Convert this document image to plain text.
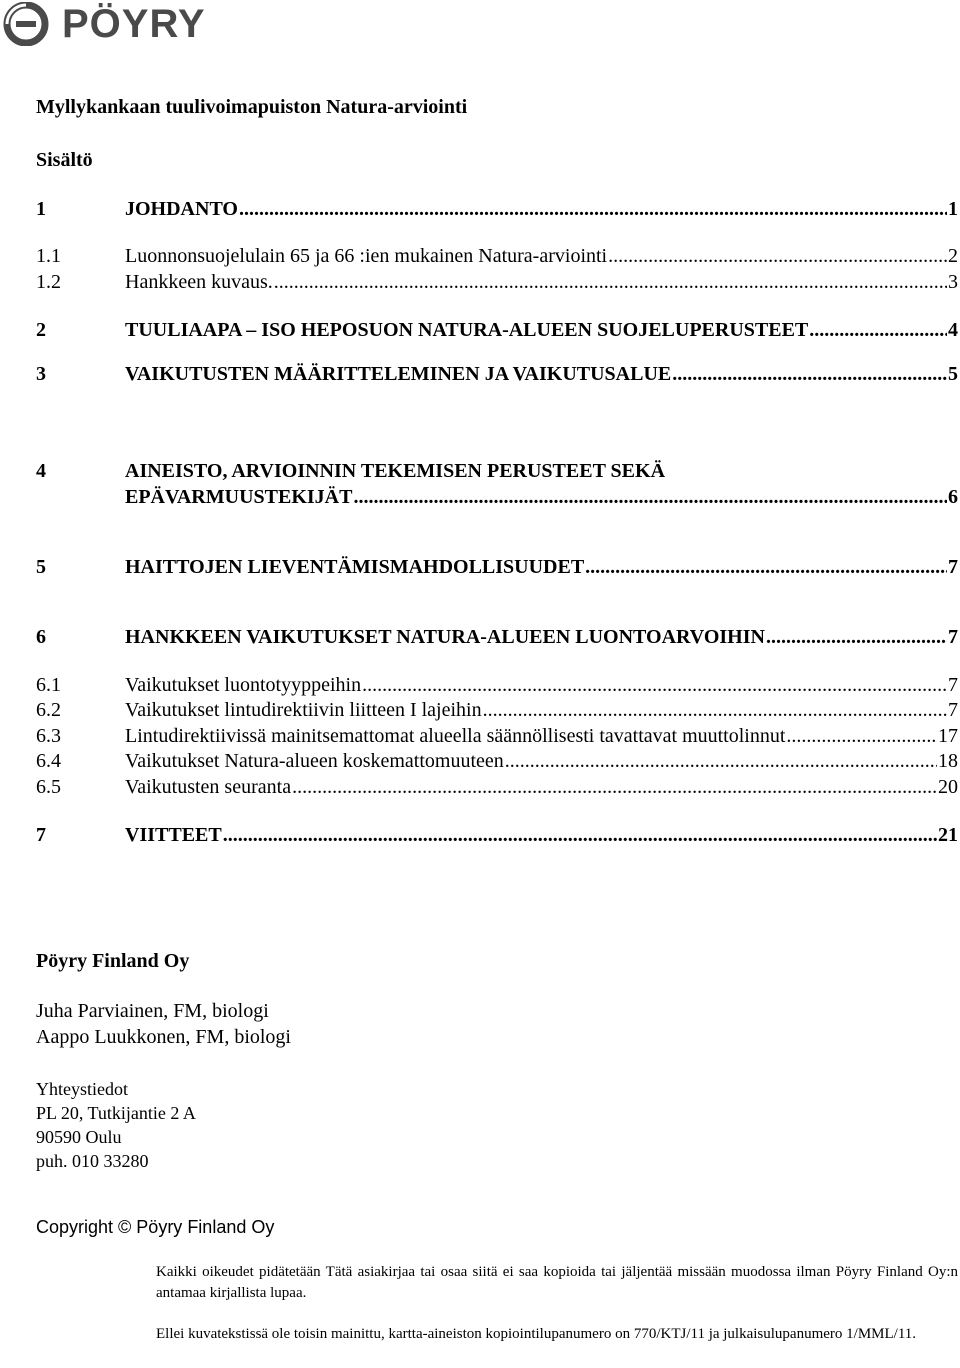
PÖYRY
Myllykankaan tuulivoimapuiston Natura-arviointi
Sisältö
1	JOHDANTO .....	1
1.1	Luonnonsuojelulain 65 ja 66 :ien mukainen Natura-arviointi .....	2
1.2	Hankkeen kuvaus. .....	3
2	TUULIAAPA – ISO HEPOSUON NATURA-ALUEEN SUOJELUPERUSTEET .....	4
3	VAIKUTUSTEN MÄÄRITTELEMINEN JA VAIKUTUSALUE .....	5
4	AINEISTO, ARVIOINNIN TEKEMISEN PERUSTEET SEKÄ
EPÄVARMUUSTEKIJÄT .....	6
5	HAITTOJEN LIEVENTÄMISMAHDOLLISUUDET .....	7
6	HANKKEEN VAIKUTUKSET NATURA-ALUEEN LUONTOARVOIHIN .....	7
6.1	Vaikutukset luontotyyppeihin .....	7
6.2	Vaikutukset lintudirektiivin liitteen I lajeihin .....	7
6.3	Lintudirektiivissä mainitsemattomat alueella säännöllisesti tavattavat muuttolinnut .....	17
6.4	Vaikutukset Natura-alueen koskemattomuuteen .....	18
6.5	Vaikutusten seuranta .....	20
7	VIITTEET .....	21
Pöyry Finland Oy
Juha Parviainen, FM, biologi
Aappo Luukkonen, FM, biologi
Yhteystiedot
PL 20, Tutkijantie 2 A
90590 Oulu
puh. 010 33280
Copyright © Pöyry Finland Oy
Kaikki oikeudet pidätetään Tätä asiakirjaa tai osaa siitä ei saa kopioida tai jäljentää missään muodossa ilman Pöyry Finland Oy:n antamaa kirjallista lupaa.
Ellei kuvatekstissä ole toisin mainittu, kartta-aineiston kopiointilupanumero on 770/KTJ/11 ja julkaisulupanumero 1/MML/11.
